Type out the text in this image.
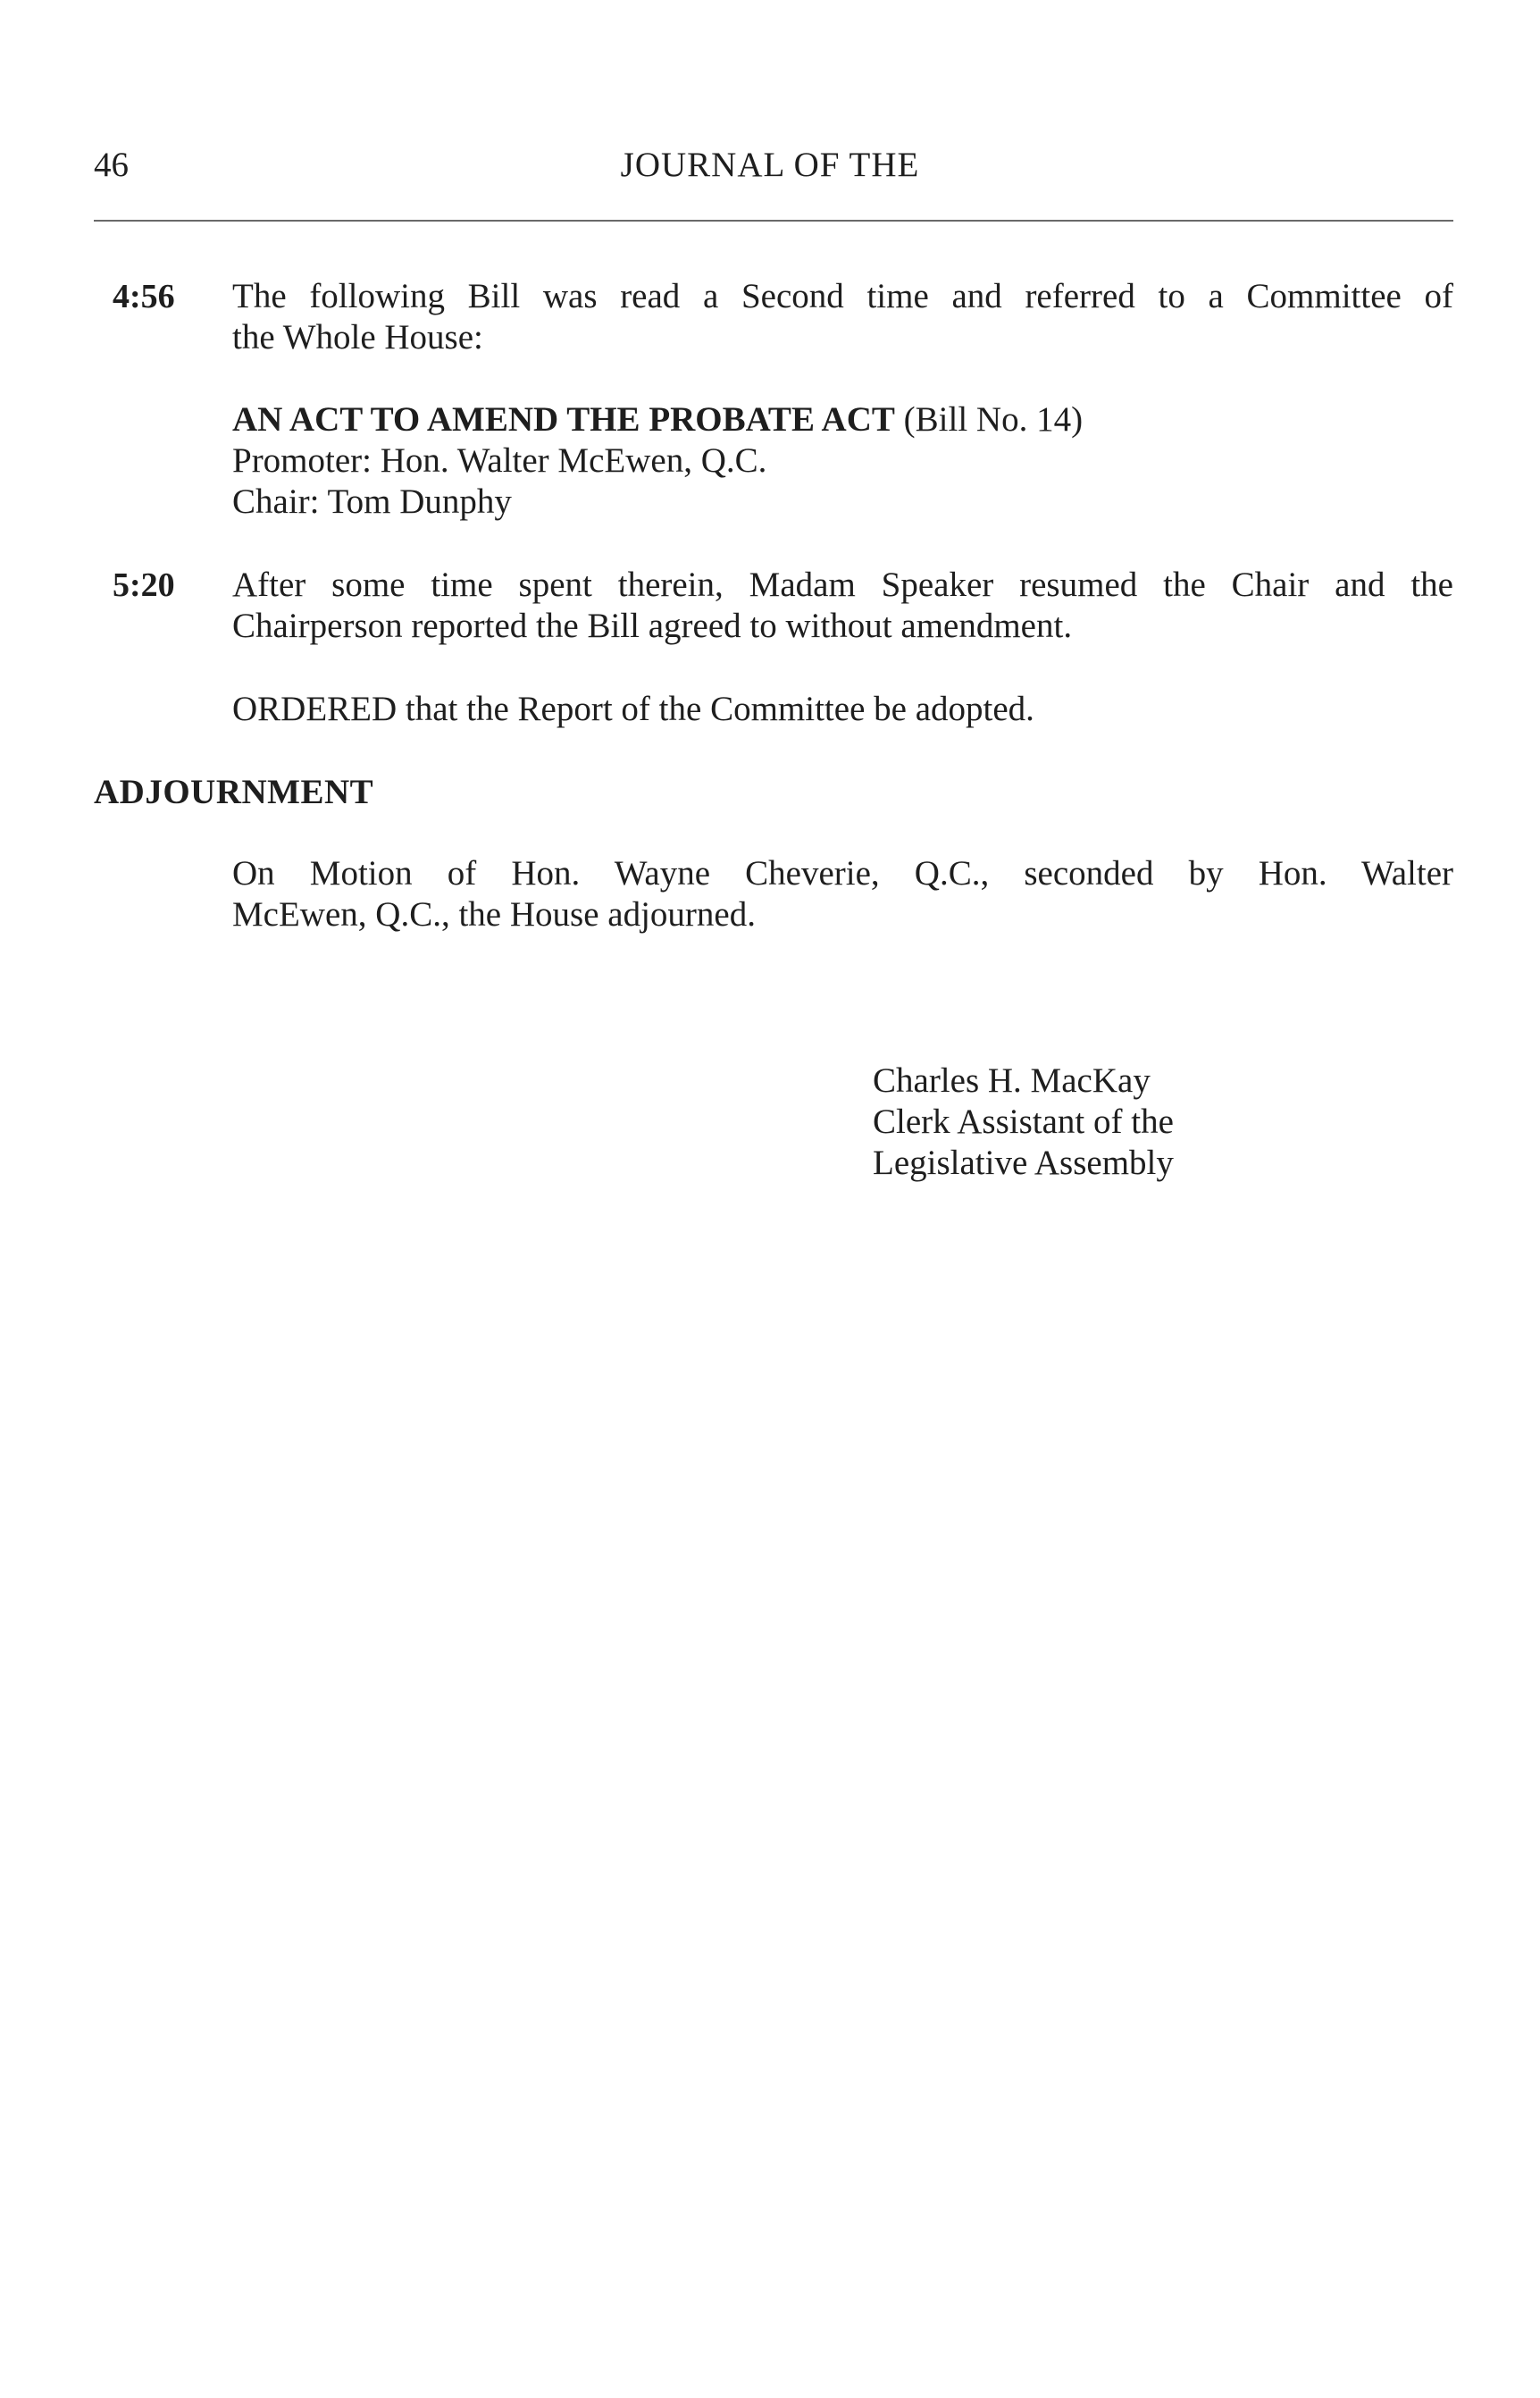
46	JOURNAL OF THE
4:56 The following Bill was read a Second time and referred to a Committee of
the Whole House:
AN ACT TO AMEND THE PROBATE ACT (Bill No. 14)
Promoter: Hon. Walter McEwen, Q.C.
Chair: Tom Dunphy
5:20 After some time spent therein, Madam Speaker resumed the Chair and the
Chairperson reported the Bill agreed to without amendment.
ORDERED that the Report of the Committee be adopted.
ADJOURNMENT
On Motion of Hon. Wayne Cheverie, Q.C., seconded by Hon. Walter
McEwen, Q.C., the House adjourned.
Charles H. MacKay
Clerk Assistant of the
Legislative Assembly
